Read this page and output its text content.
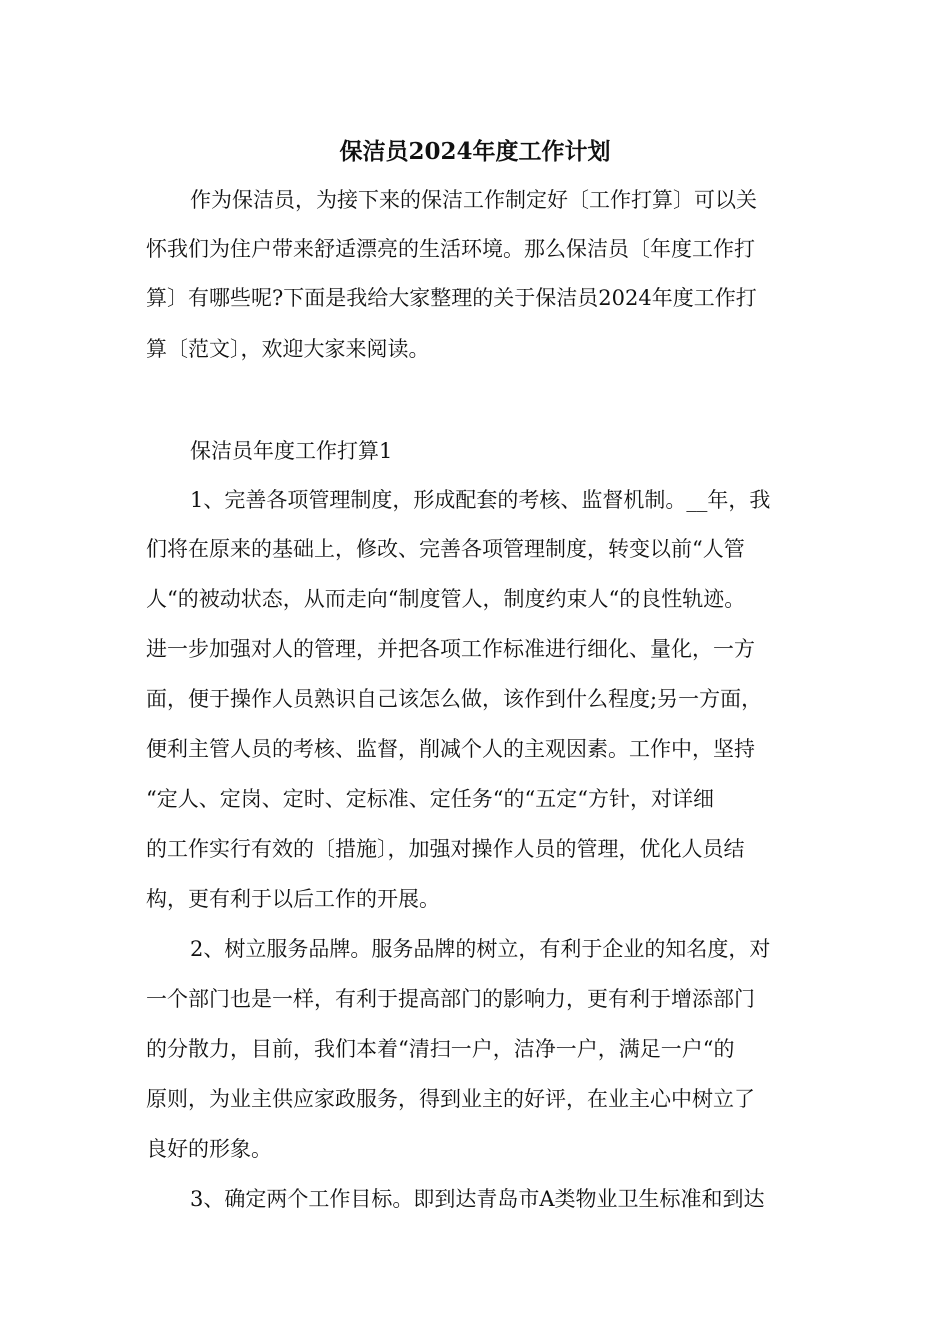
保洁员2024年度工作计划

作为保洁员，为接下来的保洁工作制定好〔工作打算〕可以关

怀我们为住户带来舒适漂亮的生活环境。那么保洁员〔年度工作打

算〕有哪些呢?下面是我给大家整理的关于保洁员2024年度工作打

算〔范文〕，欢迎大家来阅读。

保洁员年度工作打算1

1、完善各项管理制度，形成配套的考核、监督机制。__年，我

们将在原来的基础上，修改、完善各项管理制度，转变以前“人管

人“的被动状态，从而走向“制度管人，制度约束人“的良性轨迹。

进一步加强对人的管理，并把各项工作标准进行细化、量化，一方

面，便于操作人员熟识自己该怎么做，该作到什么程度;另一方面，

便利主管人员的考核、监督，削减个人的主观因素。工作中，坚持

“定人、定岗、定时、定标准、定任务“的“五定“方针，对详细

的工作实行有效的〔措施〕，加强对操作人员的管理，优化人员结

构，更有利于以后工作的开展。

2、树立服务品牌。服务品牌的树立，有利于企业的知名度，对

一个部门也是一样，有利于提高部门的影响力，更有利于增添部门

的分散力，目前，我们本着“清扫一户，洁净一户，满足一户“的

原则，为业主供应家政服务，得到业主的好评，在业主心中树立了

良好的形象。

3、确定两个工作目标。即到达青岛市A类物业卫生标准和到达
